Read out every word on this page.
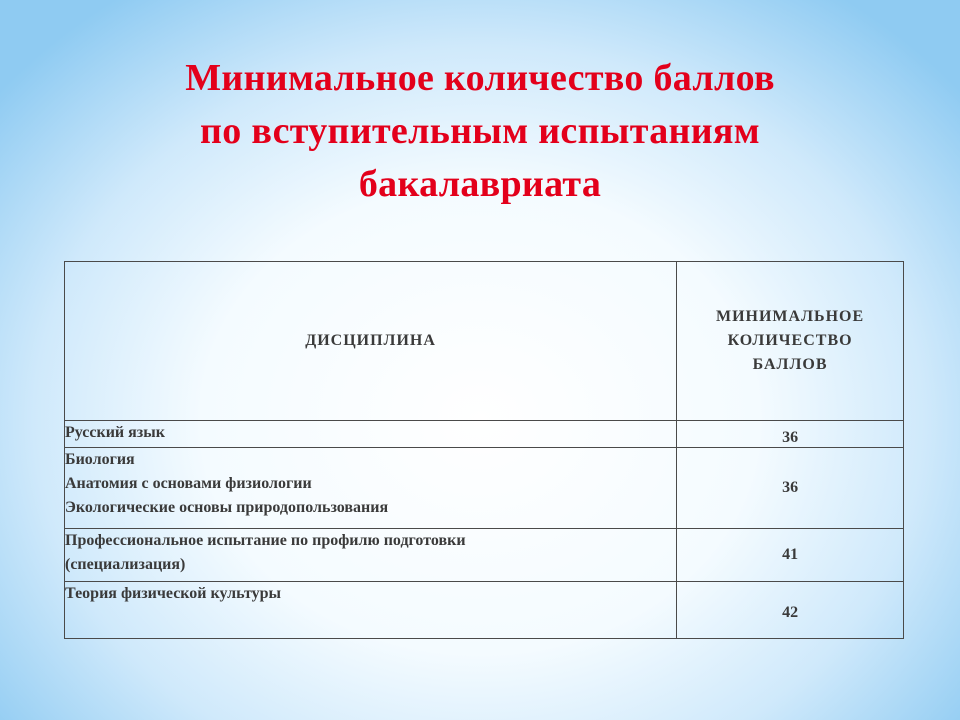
Минимальное количество баллов
по вступительным испытаниям
бакалавриата
ДИСЦИПЛИНА	МИНИМАЛЬНОЕ
КОЛИЧЕСТВО
БАЛЛОВ

Русский язык	36

Биология
Анатомия с основами физиологии
Экологические основы природопользования	36

Профессиональное испытание по профилю подготовки
(специализация)	41

Теория физической культуры	42
